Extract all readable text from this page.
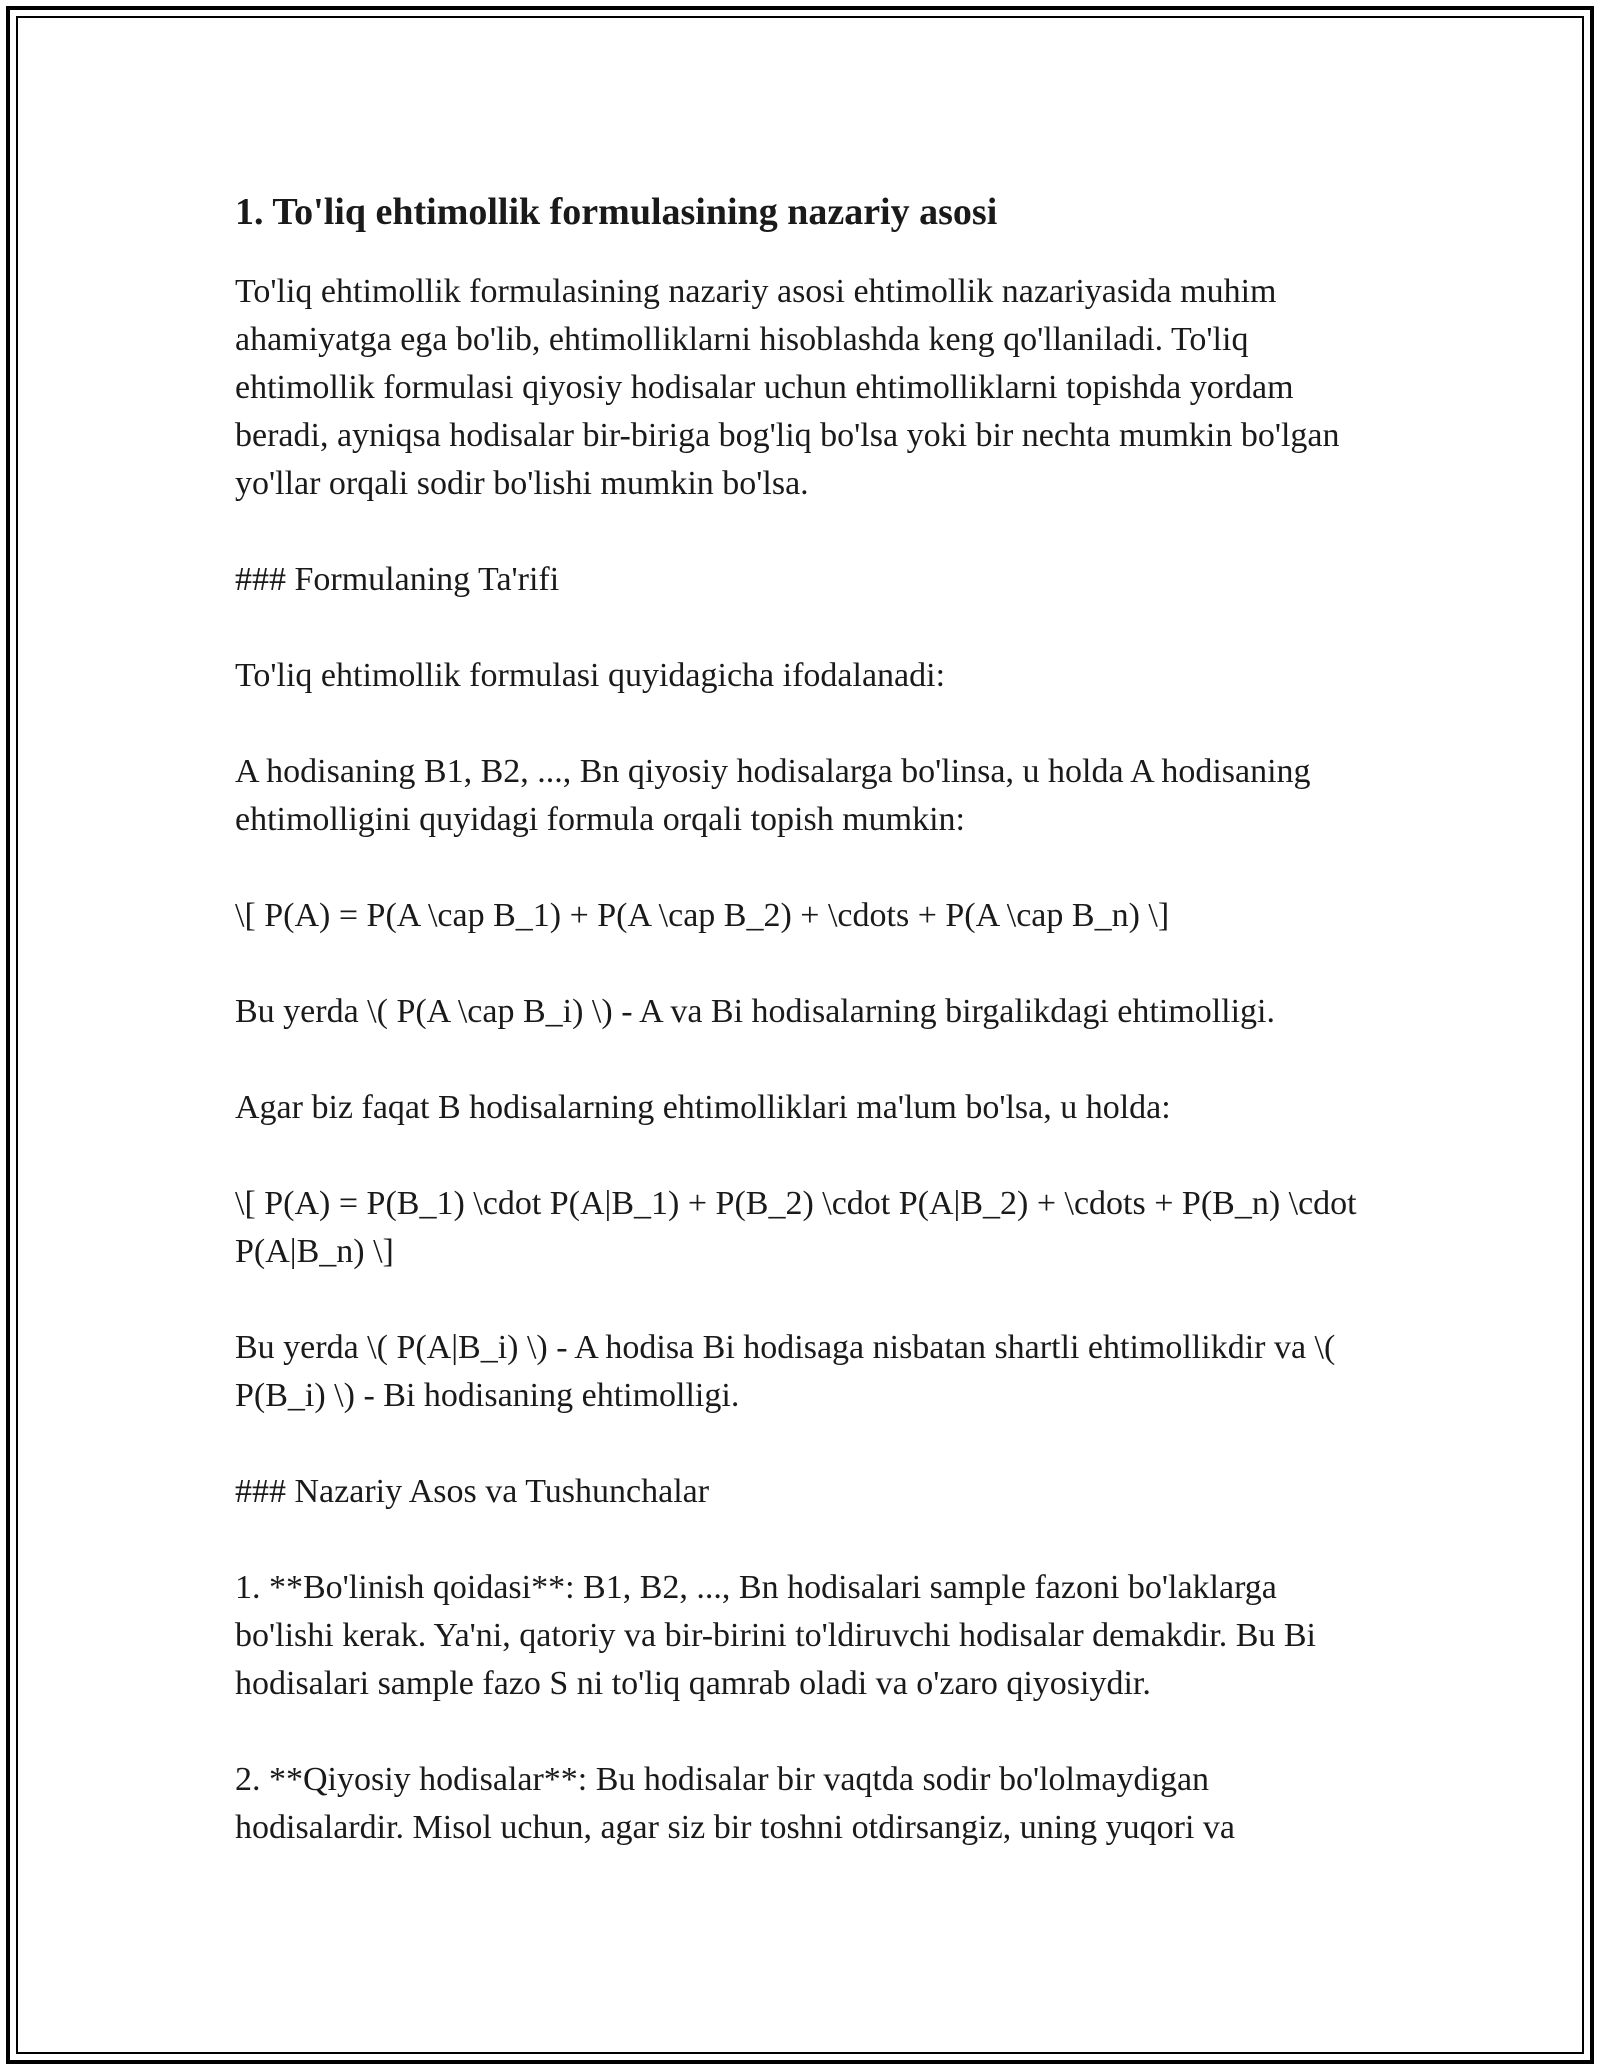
1. To'liq ehtimollik formulasining nazariy asosi

To'liq ehtimollik formulasining nazariy asosi ehtimollik nazariyasida muhim ahamiyatga ega bo'lib, ehtimolliklarni hisoblashda keng qo'llaniladi. To'liq ehtimollik formulasi qiyosiy hodisalar uchun ehtimolliklarni topishda yordam beradi, ayniqsa hodisalar bir-biriga bog'liq bo'lsa yoki bir nechta mumkin bo'lgan yo'llar orqali sodir bo'lishi mumkin bo'lsa.

### Formulaning Ta'rifi

To'liq ehtimollik formulasi quyidagicha ifodalanadi:

A hodisaning B1, B2, ..., Bn qiyosiy hodisalarga bo'linsa, u holda A hodisaning ehtimolligini quyidagi formula orqali topish mumkin:

\[ P(A) = P(A \cap B_1) + P(A \cap B_2) + \cdots + P(A \cap B_n) \]

Bu yerda \( P(A \cap B_i) \) - A va Bi hodisalarning birgalikdagi ehtimolligi.

Agar biz faqat B hodisalarning ehtimolliklari ma'lum bo'lsa, u holda:

\[ P(A) = P(B_1) \cdot P(A|B_1) + P(B_2) \cdot P(A|B_2) + \cdots + P(B_n) \cdot P(A|B_n) \]

Bu yerda \( P(A|B_i) \) - A hodisa Bi hodisaga nisbatan shartli ehtimollikdir va \( P(B_i) \) - Bi hodisaning ehtimolligi.

### Nazariy Asos va Tushunchalar

1. **Bo'linish qoidasi**: B1, B2, ..., Bn hodisalari sample fazoni bo'laklarga bo'lishi kerak. Ya'ni, qatoriy va bir-birini to'ldiruvchi hodisalar demakdir. Bu Bi hodisalari sample fazo S ni to'liq qamrab oladi va o'zaro qiyosiydir.

2. **Qiyosiy hodisalar**: Bu hodisalar bir vaqtda sodir bo'lolmaydigan hodisalardir. Misol uchun, agar siz bir toshni otdirsangiz, uning yuqori va
